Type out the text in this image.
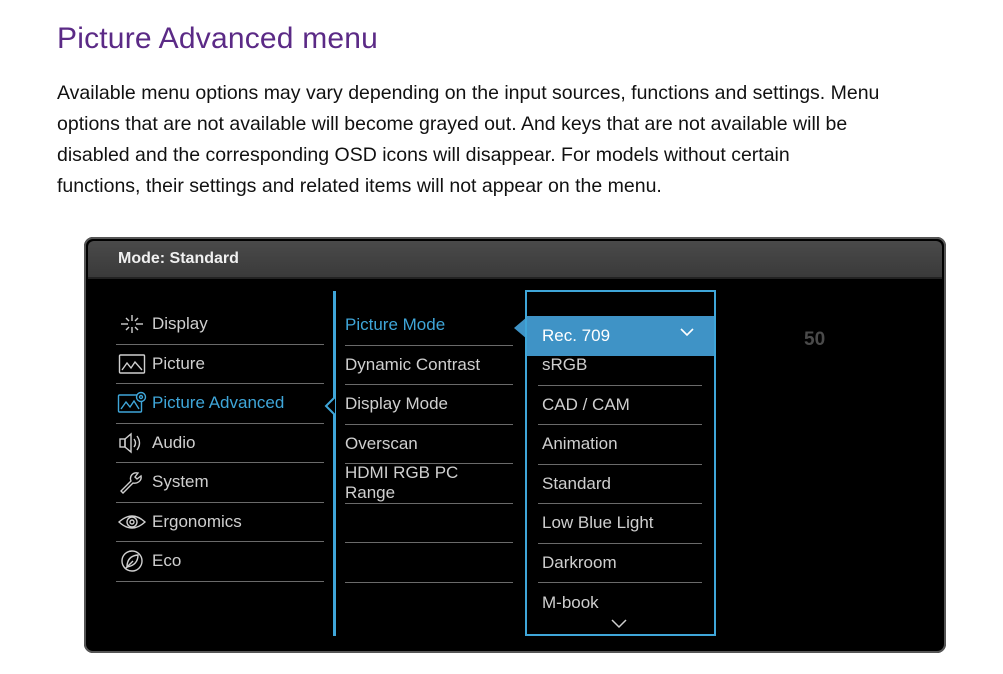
Picture Advanced menu
Available menu options may vary depending on the input sources, functions and settings. Menu
options that are not available will become grayed out. And keys that are not available will be
disabled and the corresponding OSD icons will disappear. For models without certain
functions, their settings and related items will not appear on the menu.
Mode: Standard
Display
Picture
Picture Advanced
Audio
System
Ergonomics
Eco
Picture Mode
Dynamic Contrast
Display Mode
Overscan
HDMI RGB PC Range
Rec. 709
sRGB
CAD / CAM
Animation
Standard
Low Blue Light
Darkroom
M-book
50
